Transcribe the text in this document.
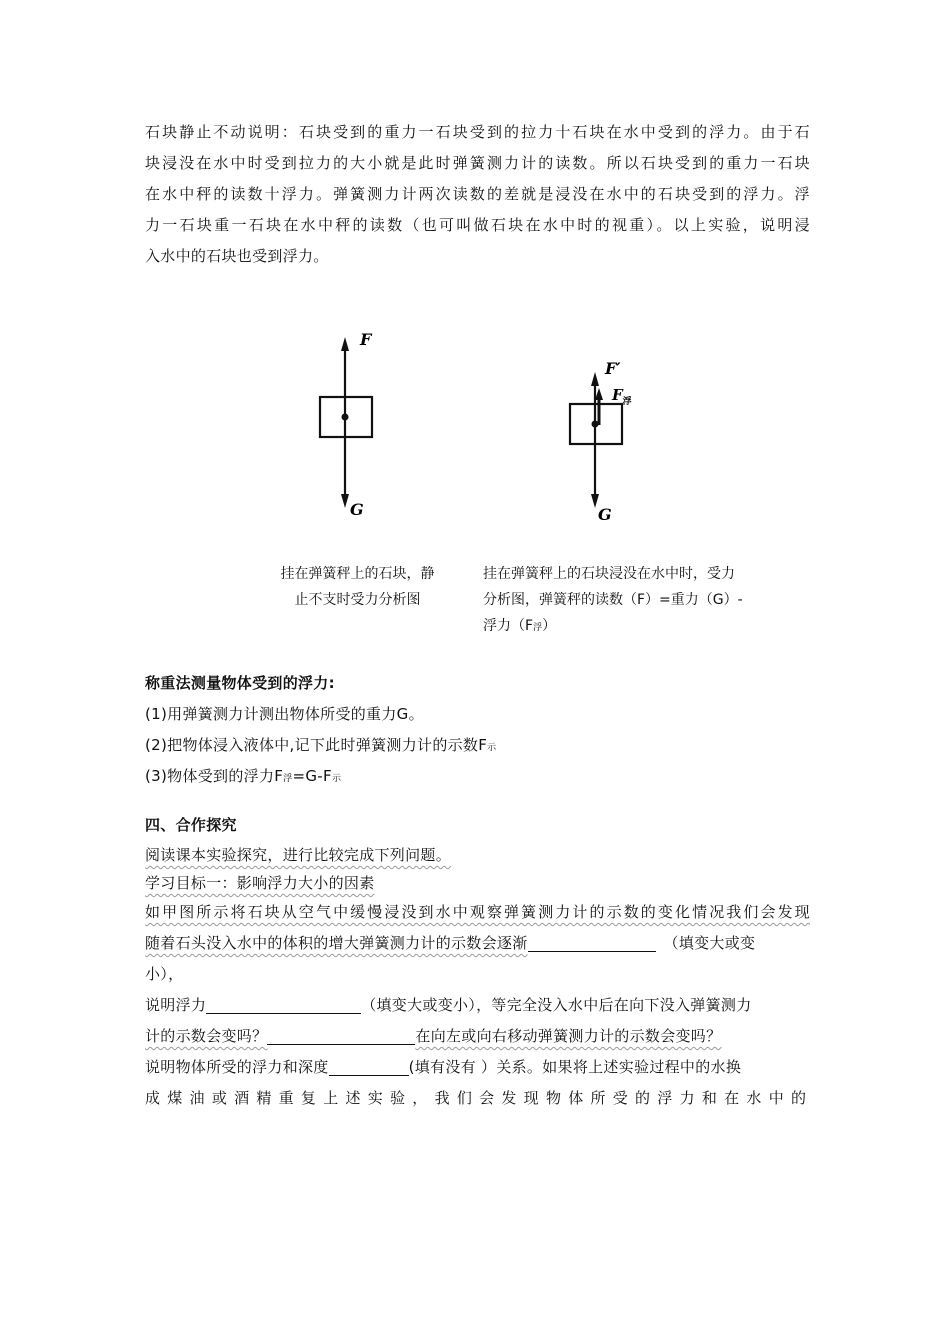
石块静止不动说明：石块受到的重力一石块受到的拉力十石块在水中受到的浮力。由于石
块浸没在水中时受到拉力的大小就是此时弹簧测力计的读数。所以石块受到的重力一石块
在水中秤的读数十浮力。弹簧测力计两次读数的差就是浸没在水中的石块受到的浮力。浮
力一石块重一石块在水中秤的读数（也可叫做石块在水中时的视重）。以上实验，说明浸
入水中的石块也受到浮力。
F
G
F′
$F_浮$
G
挂在弹簧秤上的石块，静
止不支时受力分析图
挂在弹簧秤上的石块浸没在水中时，受力
分析图，弹簧秤的读数（F）=重力（G）-
浮力（F浮）
称重法测量物体受到的浮力:
(1)用弹簧测力计测出物体所受的重力G。
(2)把物体浸入液体中,记下此时弹簧测力计的示数F示
(3)物体受到的浮力F浮=G-F示
四、合作探究
阅读课本实验探究，进行比较完成下列问题。
学习目标一：影响浮力大小的因素
如甲图所示将石块从空气中缓慢浸没到水中观察弹簧测力计的示数的变化情况我们会发现
随着石头没入水中的体积的增大弹簧测力计的示数会逐渐	（填变大或变
小），
说明浮力	（填变大或变小），等完全没入水中后在向下没入弹簧测力
计的示数会变吗？	在向左或向右移动弹簧测力计的示数会变吗？
说明物体所受的浮力和深度	(填有没有 ）关系。如果将上述实验过程中的水换
成煤油或酒精重复上述实验，我们会发现物体所受的浮力和在水中的
